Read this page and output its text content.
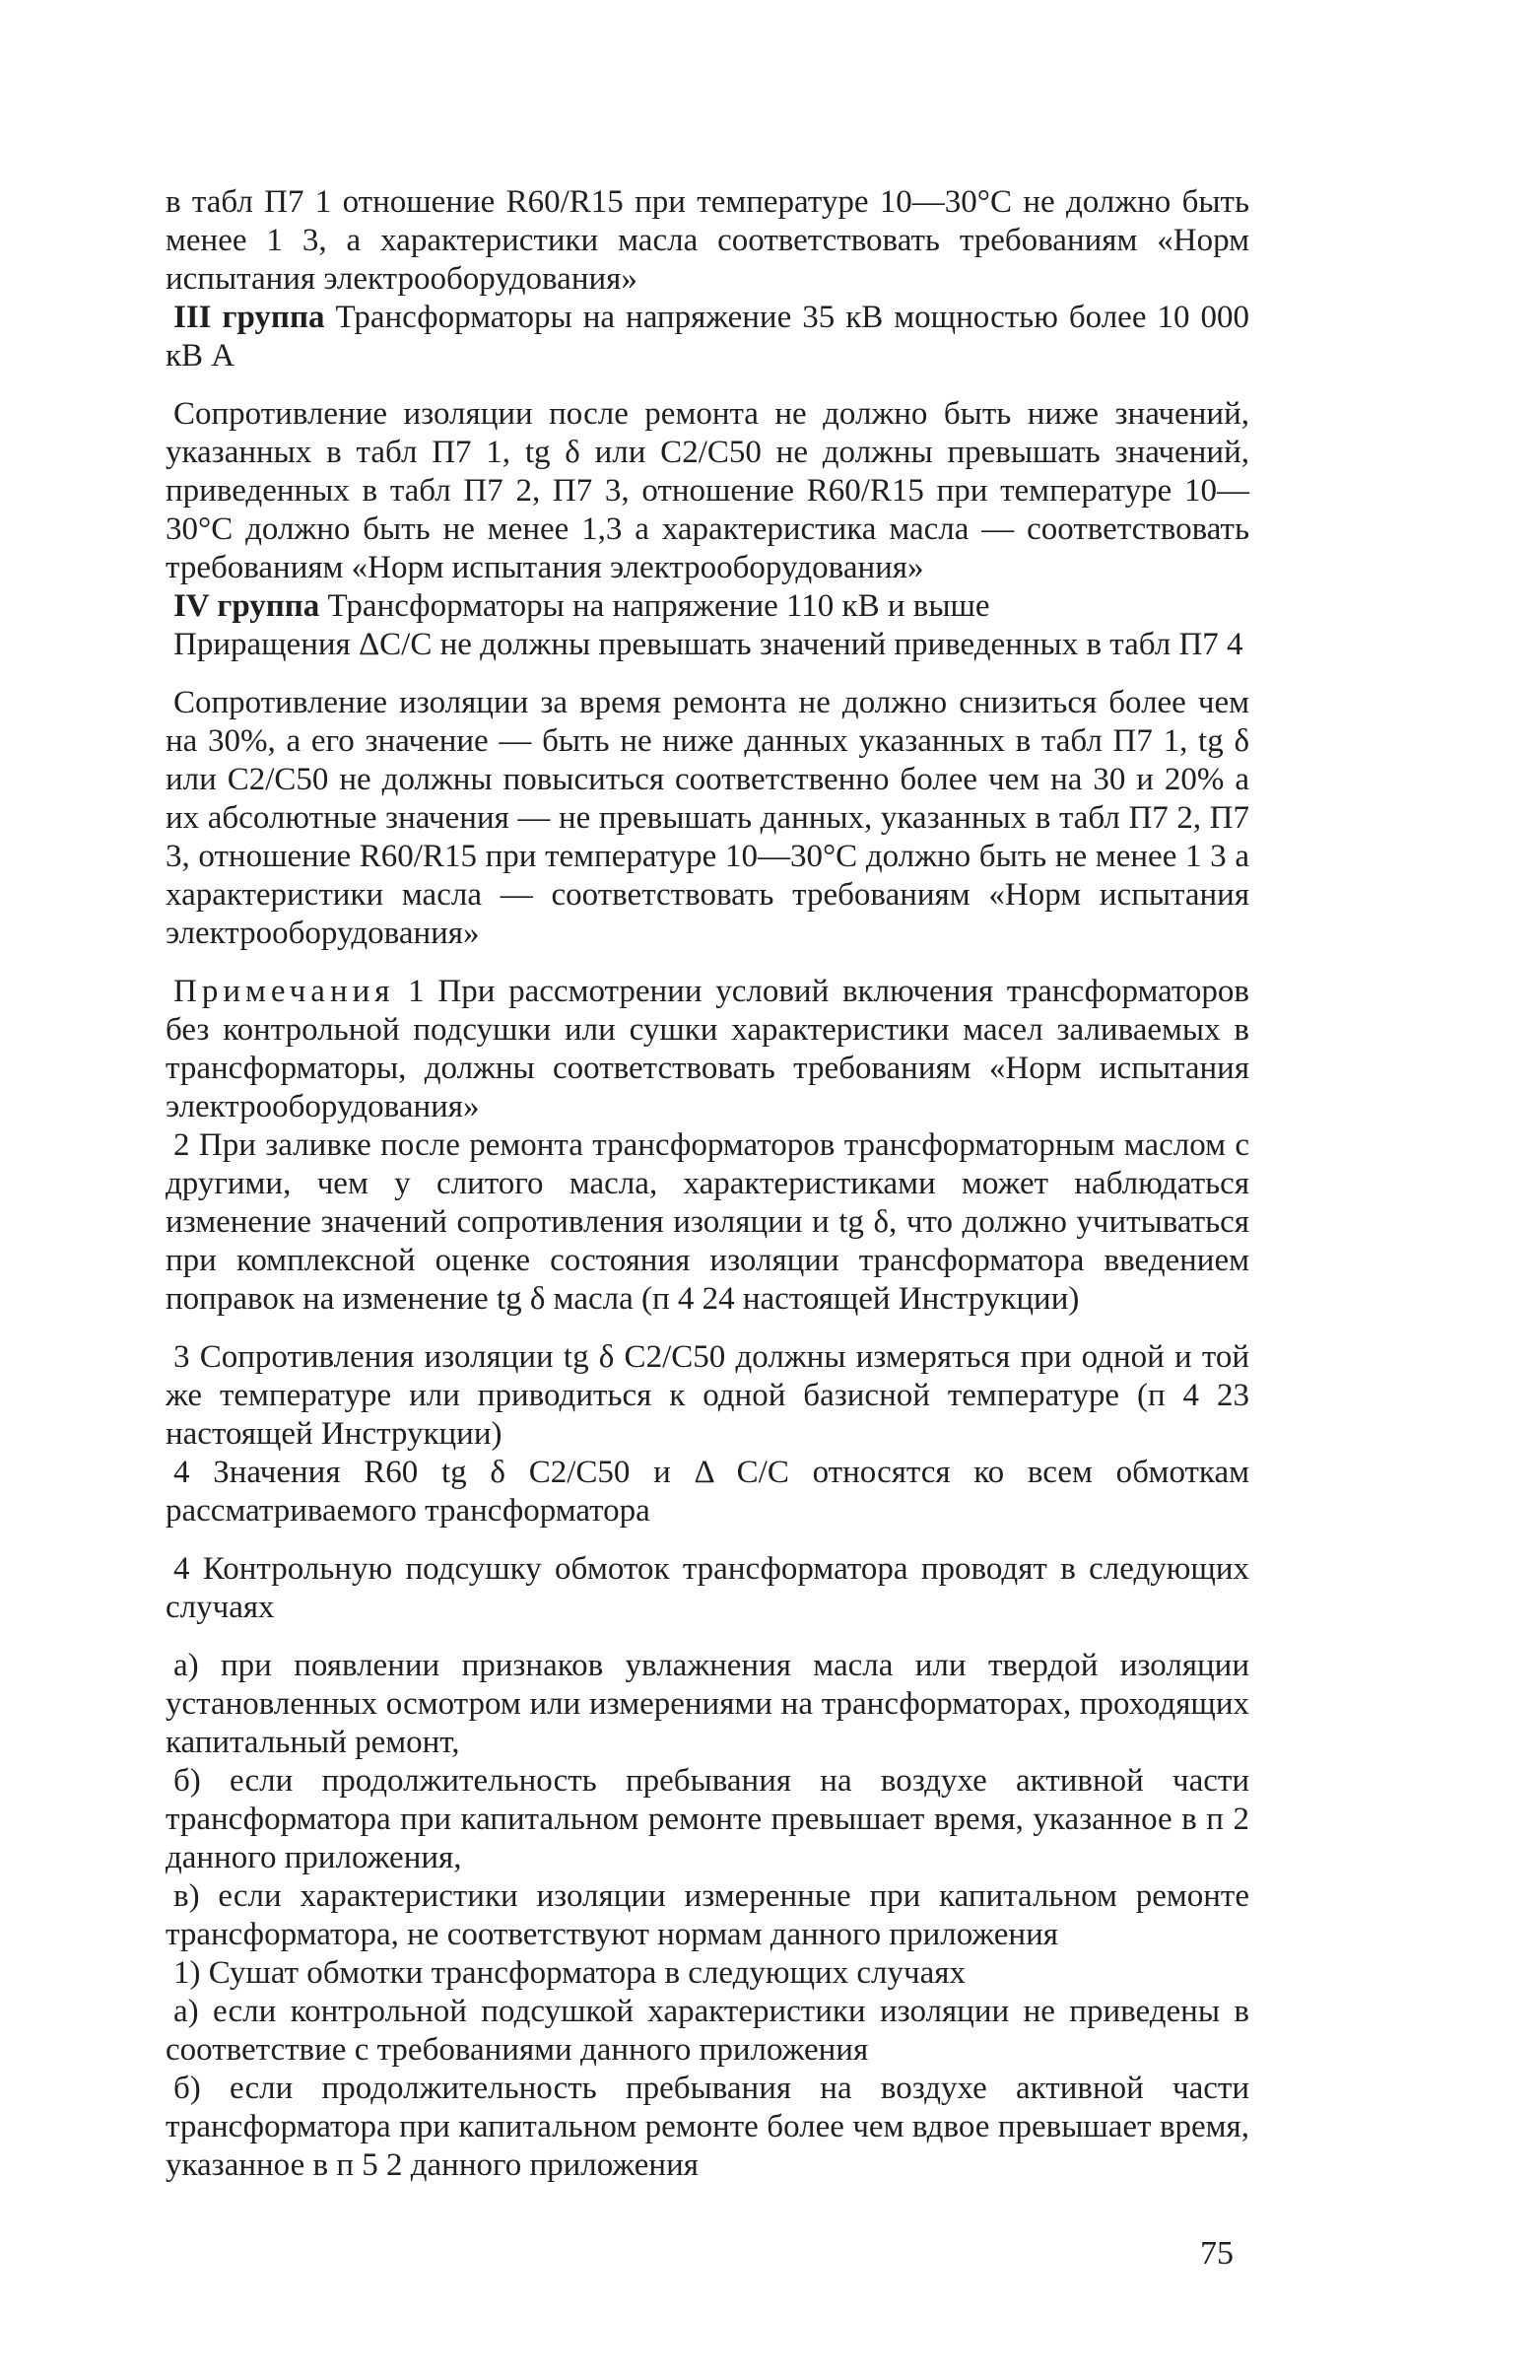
в табл П7 1 отношение R60/R15 при температуре 10—30°С не должно быть менее 1 3, а характеристики масла соответствовать требованиям «Норм испытания электрооборудования»

III группа Трансформаторы на напряжение 35 кВ мощностью более 10 000 кВ А

Сопротивление изоляции после ремонта не должно быть ниже значений, указанных в табл П7 1, tg δ или C2/C50 не должны превышать значений, приведенных в табл П7 2, П7 3, отношение R60/R15 при температуре 10—30°С должно быть не менее 1,3 а характеристика масла — соответствовать требованиям «Норм испытания электрооборудования»

IV группа Трансформаторы на напряжение 110 кВ и выше

Приращения ΔC/C не должны превышать значений приведенных в табл П7 4

Сопротивление изоляции за время ремонта не должно снизиться более чем на 30%, а его значение — быть не ниже данных указанных в табл П7 1, tg δ или C2/C50 не должны повыситься соответственно более чем на 30 и 20% а их абсолютные значения — не превышать данных, указанных в табл П7 2, П7 3, отношение R60/R15 при температуре 10—30°С должно быть не менее 1 3 а характеристики масла — соответствовать требованиям «Норм испытания электрооборудования»

Примечания 1 При рассмотрении условий включения трансформаторов без контрольной подсушки или сушки характеристики масел заливаемых в трансформаторы, должны соответствовать требованиям «Норм испытания электрооборудования»

2 При заливке после ремонта трансформаторов трансформаторным маслом с другими, чем у слитого масла, характеристиками может наблюдаться изменение значений сопротивления изоляции и tg δ, что должно учитываться при комплексной оценке состояния изоляции трансформатора введением поправок на изменение tg δ масла (п 4 24 настоящей Инструкции)

3 Сопротивления изоляции tg δ C2/C50 должны измеряться при одной и той же температуре или приводиться к одной базисной температуре (п 4 23 настоящей Инструкции)

4 Значения R60 tg δ C2/C50 и Δ C/C относятся ко всем обмоткам рассматриваемого трансформатора

4 Контрольную подсушку обмоток трансформатора проводят в следующих случаях

а) при появлении признаков увлажнения масла или твердой изоляции установленных осмотром или измерениями на трансформаторах, проходящих капитальный ремонт,

б) если продолжительность пребывания на воздухе активной части трансформатора при капитальном ремонте превышает время, указанное в п 2 данного приложения,

в) если характеристики изоляции измеренные при капитальном ремонте трансформатора, не соответствуют нормам данного приложения

1) Сушат обмотки трансформатора в следующих случаях

а) если контрольной подсушкой характеристики изоляции не приведены в соответствие с требованиями данного приложения

б) если продолжительность пребывания на воздухе активной части трансформатора при капитальном ремонте более чем вдвое превышает время, указанное в п 5 2 данного приложения

75
